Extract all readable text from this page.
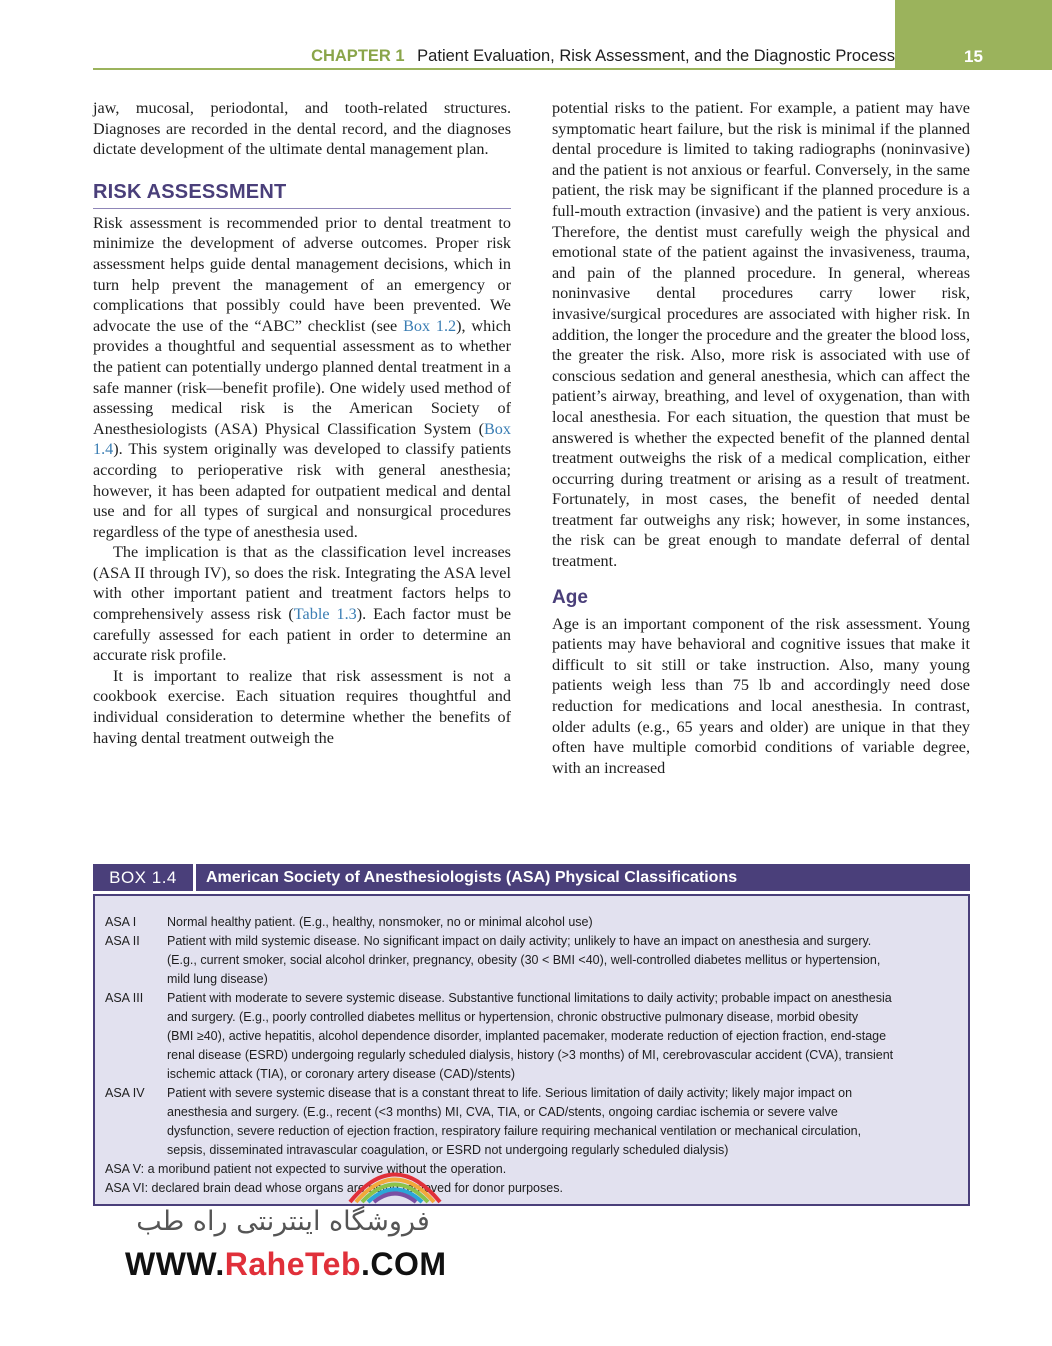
CHAPTER 1 Patient Evaluation, Risk Assessment, and the Diagnostic Process	15

jaw, mucosal, periodontal, and tooth-related structures. Diagnoses are recorded in the dental record, and the diagnoses dictate development of the ultimate dental management plan.

RISK ASSESSMENT

Risk assessment is recommended prior to dental treatment to minimize the development of adverse outcomes. Proper risk assessment helps guide dental management decisions, which in turn help prevent the management of an emergency or complications that possibly could have been prevented. We advocate the use of the “ABC” checklist (see Box 1.2), which provides a thoughtful and sequential assessment as to whether the patient can potentially undergo planned dental treatment in a safe manner (risk—benefit profile). One widely used method of assessing medical risk is the American Society of Anesthesiologists (ASA) Physical Classification System (Box 1.4). This system originally was developed to classify patients according to perioperative risk with general anesthesia; however, it has been adapted for outpatient medical and dental use and for all types of surgical and nonsurgical procedures regardless of the type of anesthesia used.

The implication is that as the classification level increases (ASA II through IV), so does the risk. Integrating the ASA level with other important patient and treatment factors helps to comprehensively assess risk (Table 1.3). Each factor must be carefully assessed for each patient in order to determine an accurate risk profile.

It is important to realize that risk assessment is not a cookbook exercise. Each situation requires thoughtful and individual consideration to determine whether the benefits of having dental treatment outweigh the

potential risks to the patient. For example, a patient may have symptomatic heart failure, but the risk is minimal if the planned dental procedure is limited to taking radiographs (noninvasive) and the patient is not anxious or fearful. Conversely, in the same patient, the risk may be significant if the planned procedure is a full-mouth extraction (invasive) and the patient is very anxious. Therefore, the dentist must carefully weigh the physical and emotional state of the patient against the invasiveness, trauma, and pain of the planned procedure. In general, whereas noninvasive dental procedures carry lower risk, invasive/surgical procedures are associated with higher risk. In addition, the longer the procedure and the greater the blood loss, the greater the risk. Also, more risk is associated with use of conscious sedation and general anesthesia, which can affect the patient’s airway, breathing, and level of oxygenation, than with local anesthesia. For each situation, the question that must be answered is whether the expected benefit of the planned dental treatment outweighs the risk of a medical complication, either occurring during treatment or arising as a result of treatment. Fortunately, in most cases, the benefit of needed dental treatment far outweighs any risk; however, in some instances, the risk can be great enough to mandate deferral of dental treatment.

Age

Age is an important component of the risk assessment. Young patients may have behavioral and cognitive issues that make it difficult to sit still or take instruction. Also, many young patients weigh less than 75 lb and accordingly need dose reduction for medications and local anesthesia. In contrast, older adults (e.g., 65 years and older) are unique in that they often have multiple comorbid conditions of variable degree, with an increased

BOX 1.4	American Society of Anesthesiologists (ASA) Physical Classifications
ASA I	Normal healthy patient. (E.g., healthy, nonsmoker, no or minimal alcohol use)
ASA II	Patient with mild systemic disease. No significant impact on daily activity; unlikely to have an impact on anesthesia and surgery.
(E.g., current smoker, social alcohol drinker, pregnancy, obesity (30 < BMI <40), well-controlled diabetes mellitus or hypertension,
mild lung disease)
ASA III	Patient with moderate to severe systemic disease. Substantive functional limitations to daily activity; probable impact on anesthesia
and surgery. (E.g., poorly controlled diabetes mellitus or hypertension, chronic obstructive pulmonary disease, morbid obesity
(BMI ≥40), active hepatitis, alcohol dependence disorder, implanted pacemaker, moderate reduction of ejection fraction, end-stage
renal disease (ESRD) undergoing regularly scheduled dialysis, history (>3 months) of MI, cerebrovascular accident (CVA), transient
ischemic attack (TIA), or coronary artery disease (CAD)/stents)
ASA IV	Patient with severe systemic disease that is a constant threat to life. Serious limitation of daily activity; likely major impact on
anesthesia and surgery. (E.g., recent (<3 months) MI, CVA, TIA, or CAD/stents, ongoing cardiac ischemia or severe valve
dysfunction, severe reduction of ejection fraction, respiratory failure requiring mechanical ventilation or mechanical circulation,
sepsis, disseminated intravascular coagulation, or ESRD not undergoing regularly scheduled dialysis)
ASA V: a moribund patient not expected to survive without the operation.
ASA VI: declared brain dead whose organs are being removed for donor purposes.
فروشگاه اینترنتی راه طب
WWW.RaheTeb.COM
